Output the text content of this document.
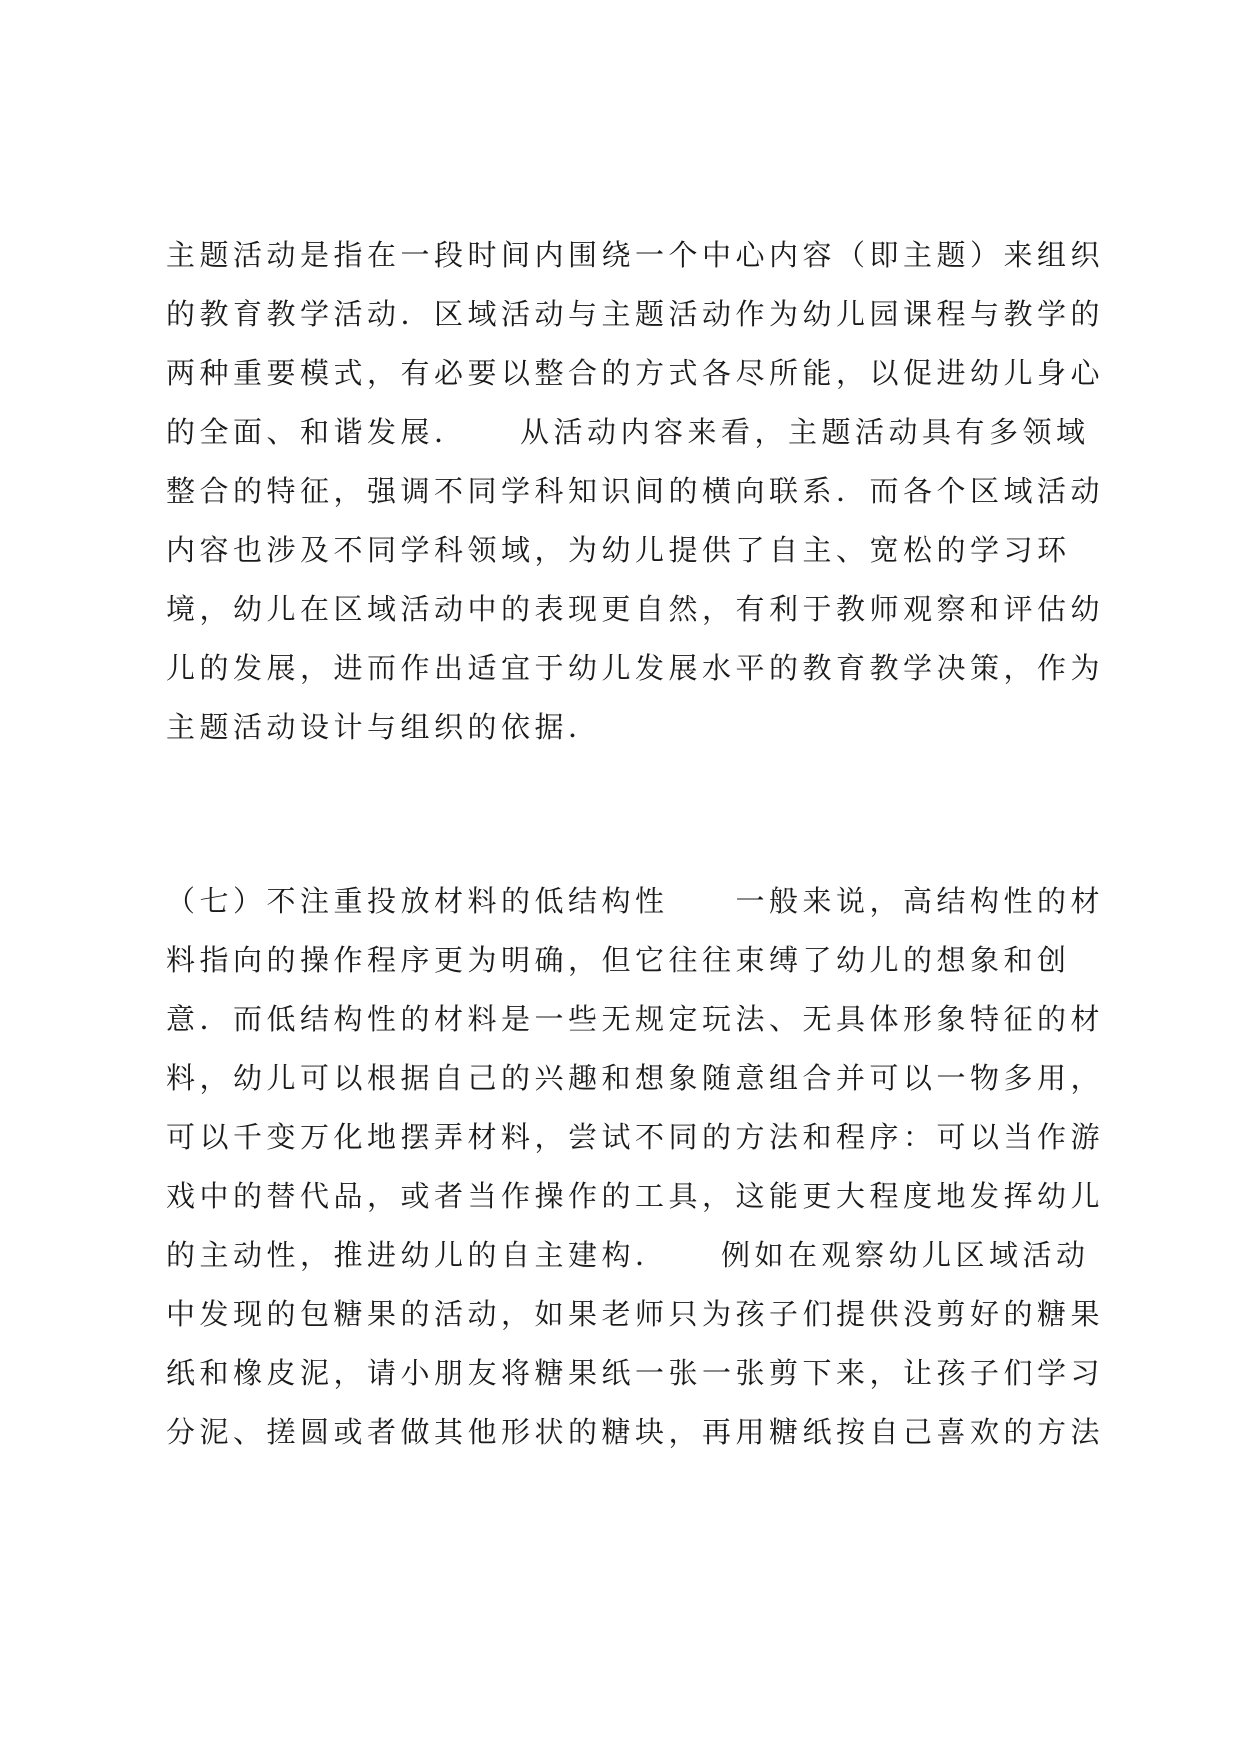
主题活动是指在一段时间内围绕一个中心内容（即主题）来组织
的教育教学活动．区域活动与主题活动作为幼儿园课程与教学的
两种重要模式，有必要以整合的方式各尽所能，以促进幼儿身心
的全面、和谐发展．　　从活动内容来看，主题活动具有多领域
整合的特征，强调不同学科知识间的横向联系．而各个区域活动
内容也涉及不同学科领域，为幼儿提供了自主、宽松的学习环
境，幼儿在区域活动中的表现更自然，有利于教师观察和评估幼
儿的发展，进而作出适宜于幼儿发展水平的教育教学决策，作为
主题活动设计与组织的依据．
（七）不注重投放材料的低结构性　　一般来说，高结构性的材
料指向的操作程序更为明确，但它往往束缚了幼儿的想象和创
意．而低结构性的材料是一些无规定玩法、无具体形象特征的材
料，幼儿可以根据自己的兴趣和想象随意组合并可以一物多用，
可以千变万化地摆弄材料，尝试不同的方法和程序：可以当作游
戏中的替代品，或者当作操作的工具，这能更大程度地发挥幼儿
的主动性，推进幼儿的自主建构．　　例如在观察幼儿区域活动
中发现的包糖果的活动，如果老师只为孩子们提供没剪好的糖果
纸和橡皮泥，请小朋友将糖果纸一张一张剪下来，让孩子们学习
分泥、搓圆或者做其他形状的糖块，再用糖纸按自己喜欢的方法
